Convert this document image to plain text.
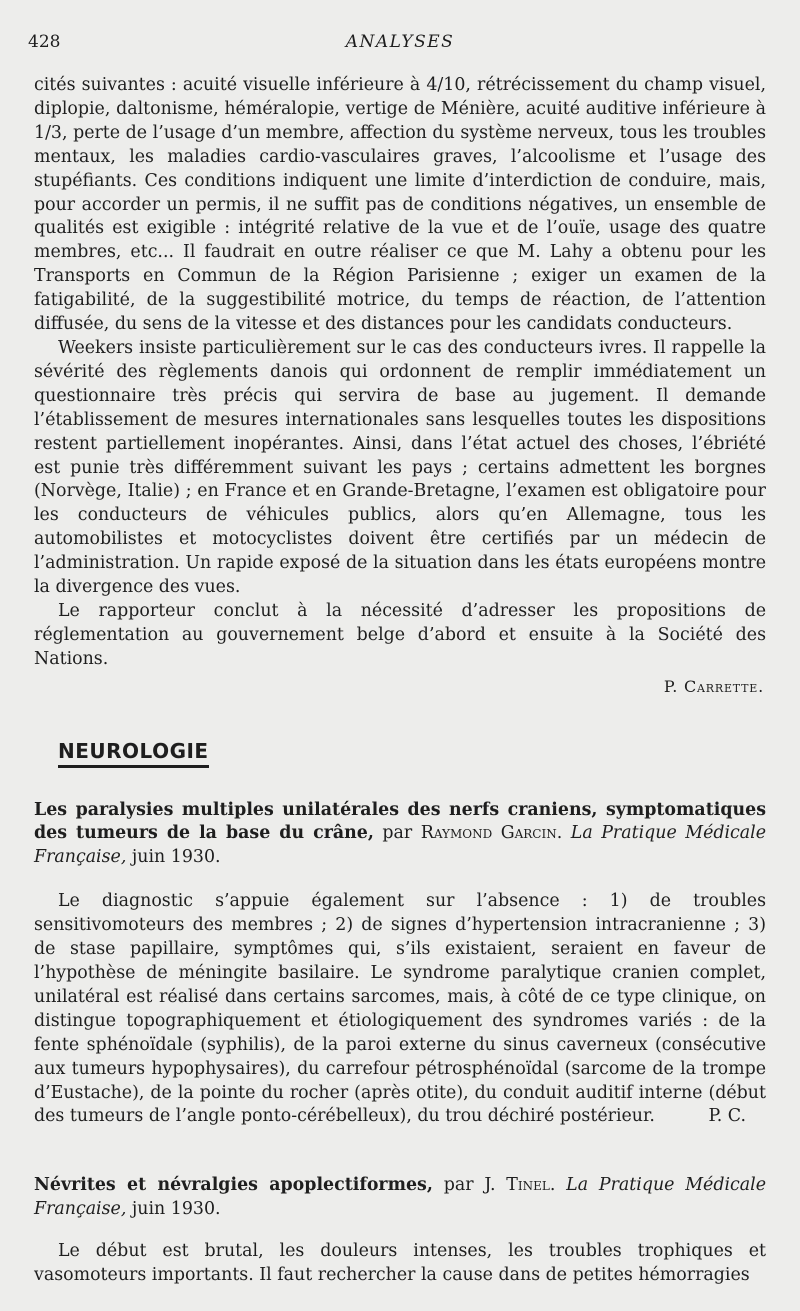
428	ANALYSES

cités suivantes : acuité visuelle inférieure à 4/10, rétrécissement du champ visuel, diplopie, daltonisme, héméralopie, vertige de Ménière, acuité auditive inférieure à 1/3, perte de l’usage d’un membre, affection du système nerveux, tous les troubles mentaux, les maladies cardio-vasculaires graves, l’alcoolisme et l’usage des stupéfiants. Ces conditions indiquent une limite d’interdiction de conduire, mais, pour accorder un permis, il ne suffit pas de conditions négatives, un ensemble de qualités est exigible : intégrité relative de la vue et de l’ouïe, usage des quatre membres, etc... Il faudrait en outre réaliser ce que M. Lahy a obtenu pour les Transports en Commun de la Région Parisienne ; exiger un examen de la fatigabilité, de la suggestibilité motrice, du temps de réaction, de l’attention diffusée, du sens de la vitesse et des distances pour les candidats conducteurs.

Weekers insiste particulièrement sur le cas des conducteurs ivres. Il rappelle la sévérité des règlements danois qui ordonnent de remplir immédiatement un questionnaire très précis qui servira de base au jugement. Il demande l’établissement de mesures internationales sans lesquelles toutes les dispositions restent partiellement inopérantes. Ainsi, dans l’état actuel des choses, l’ébriété est punie très différemment suivant les pays ; certains admettent les borgnes (Norvège, Italie) ; en France et en Grande-Bretagne, l’examen est obligatoire pour les conducteurs de véhicules publics, alors qu’en Allemagne, tous les automobilistes et motocyclistes doivent être certifiés par un médecin de l’administration. Un rapide exposé de la situation dans les états européens montre la divergence des vues.

Le rapporteur conclut à la nécessité d’adresser les propositions de réglementation au gouvernement belge d’abord et ensuite à la Société des Nations.

P. Carrette.

NEUROLOGIE

Les paralysies multiples unilatérales des nerfs craniens, symptomatiques des tumeurs de la base du crâne, par Raymond Garcin. La Pratique Médicale Française, juin 1930.

Le diagnostic s’appuie également sur l’absence : 1) de troubles sensitivomoteurs des membres ; 2) de signes d’hypertension intracranienne ; 3) de stase papillaire, symptômes qui, s’ils existaient, seraient en faveur de l’hypothèse de méningite basilaire. Le syndrome paralytique cranien complet, unilatéral est réalisé dans certains sarcomes, mais, à côté de ce type clinique, on distingue topographiquement et étiologiquement des syndromes variés : de la fente sphénoïdale (syphilis), de la paroi externe du sinus caverneux (consécutive aux tumeurs hypophysaires), du carrefour pétrosphénoïdal (sarcome de la trompe d’Eustache), de la pointe du rocher (après otite), du conduit auditif interne (début des tumeurs de l’angle ponto-cérébelleux), du trou déchiré postérieur.	P. C.

Névrites et névralgies apoplectiformes, par J. Tinel. La Pratique Médicale Française, juin 1930.

Le début est brutal, les douleurs intenses, les troubles trophiques et vasomoteurs importants. Il faut rechercher la cause dans de petites hémorragies
